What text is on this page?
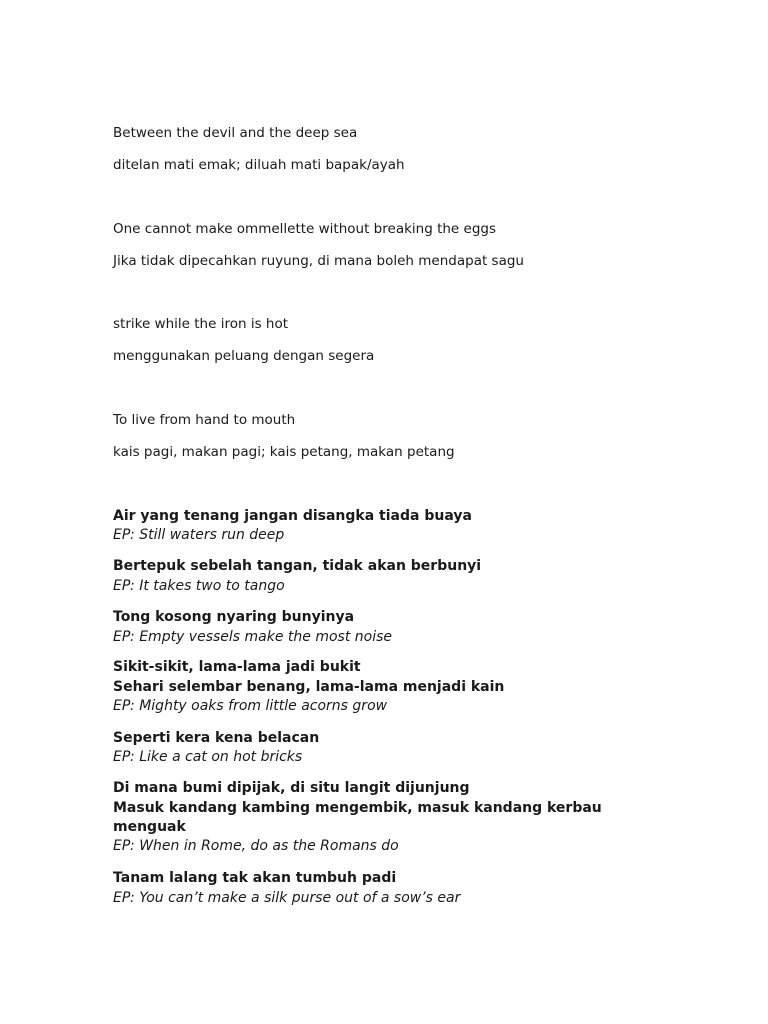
Between the devil and the deep sea

ditelan mati emak; diluah mati bapak/ayah

One cannot make ommellette without breaking the eggs

Jika tidak dipecahkan ruyung, di mana boleh mendapat sagu

strike while the iron is hot

menggunakan peluang dengan segera

To live from hand to mouth

kais pagi, makan pagi; kais petang, makan petang

Air yang tenang jangan disangka tiada buaya

EP: Still waters run deep

Bertepuk sebelah tangan, tidak akan berbunyi

EP: It takes two to tango

Tong kosong nyaring bunyinya

EP: Empty vessels make the most noise

Sikit-sikit, lama-lama jadi bukit

Sehari selembar benang, lama-lama menjadi kain

EP: Mighty oaks from little acorns grow

Seperti kera kena belacan

EP: Like a cat on hot bricks

Di mana bumi dipijak, di situ langit dijunjung

Masuk kandang kambing mengembik, masuk kandang kerbau

menguak

EP: When in Rome, do as the Romans do

Tanam lalang tak akan tumbuh padi

EP: You can’t make a silk purse out of a sow’s ear
